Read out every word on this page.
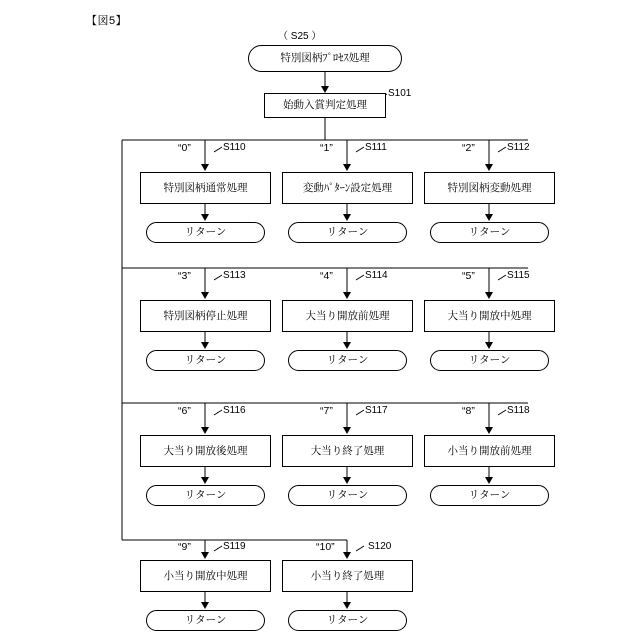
【図5】
（ S25 ）
特別図柄ﾌﾟﾛｾｽ処理
始動入賞判定処理
S101
“0”	S110
特別図柄通常処理
リターン
“1”	S111
変動ﾊﾟﾀｰﾝ設定処理
リターン
“2”	S112
特別図柄変動処理
リターン
“3”	S113
特別図柄停止処理
リターン
“4”	S114
大当り開放前処理
リターン
“5”	S115
大当り開放中処理
リターン
“6”	S116
大当り開放後処理
リターン
“7”	S117
大当り終了処理
リターン
“8”	S118
小当り開放前処理
リターン
“9”	S119
小当り開放中処理
リターン
“10”	S120
小当り終了処理
リターン
